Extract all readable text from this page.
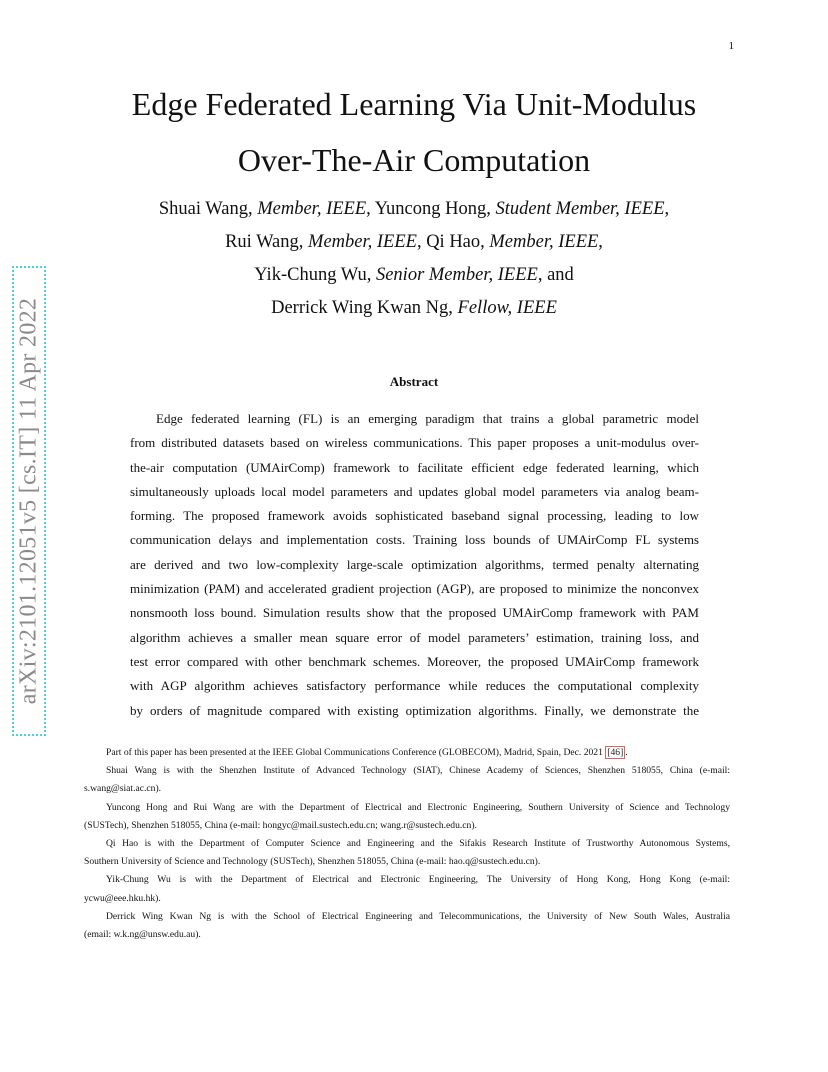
1
arXiv:2101.12051v5 [cs.IT] 11 Apr 2022
Edge Federated Learning Via Unit-Modulus
Over-The-Air Computation
Shuai Wang, Member, IEEE, Yuncong Hong, Student Member, IEEE,
Rui Wang, Member, IEEE, Qi Hao, Member, IEEE,
Yik-Chung Wu, Senior Member, IEEE, and
Derrick Wing Kwan Ng, Fellow, IEEE
Abstract
Edge federated learning (FL) is an emerging paradigm that trains a global parametric model
from distributed datasets based on wireless communications. This paper proposes a unit-modulus over-
the-air computation (UMAirComp) framework to facilitate efficient edge federated learning, which
simultaneously uploads local model parameters and updates global model parameters via analog beam-
forming. The proposed framework avoids sophisticated baseband signal processing, leading to low
communication delays and implementation costs. Training loss bounds of UMAirComp FL systems
are derived and two low-complexity large-scale optimization algorithms, termed penalty alternating
minimization (PAM) and accelerated gradient projection (AGP), are proposed to minimize the nonconvex
nonsmooth loss bound. Simulation results show that the proposed UMAirComp framework with PAM
algorithm achieves a smaller mean square error of model parameters’ estimation, training loss, and
test error compared with other benchmark schemes. Moreover, the proposed UMAirComp framework
with AGP algorithm achieves satisfactory performance while reduces the computational complexity
by orders of magnitude compared with existing optimization algorithms. Finally, we demonstrate the

Part of this paper has been presented at the IEEE Global Communications Conference (GLOBECOM), Madrid, Spain, Dec. 2021 [46] .

Shuai Wang is with the Shenzhen Institute of Advanced Technology (SIAT), Chinese Academy of Sciences, Shenzhen 518055, China (e-mail:
s.wang@siat.ac.cn).

Yuncong Hong and Rui Wang are with the Department of Electrical and Electronic Engineering, Southern University of Science and Technology
(SUSTech), Shenzhen 518055, China (e-mail: hongyc@mail.sustech.edu.cn; wang.r@sustech.edu.cn).

Qi Hao is with the Department of Computer Science and Engineering and the Sifakis Research Institute of Trustworthy Autonomous Systems,
Southern University of Science and Technology (SUSTech), Shenzhen 518055, China (e-mail: hao.q@sustech.edu.cn).

Yik-Chung Wu is with the Department of Electrical and Electronic Engineering, The University of Hong Kong, Hong Kong (e-mail:
ycwu@eee.hku.hk).

Derrick Wing Kwan Ng is with the School of Electrical Engineering and Telecommunications, the University of New South Wales, Australia
(email: w.k.ng@unsw.edu.au).
